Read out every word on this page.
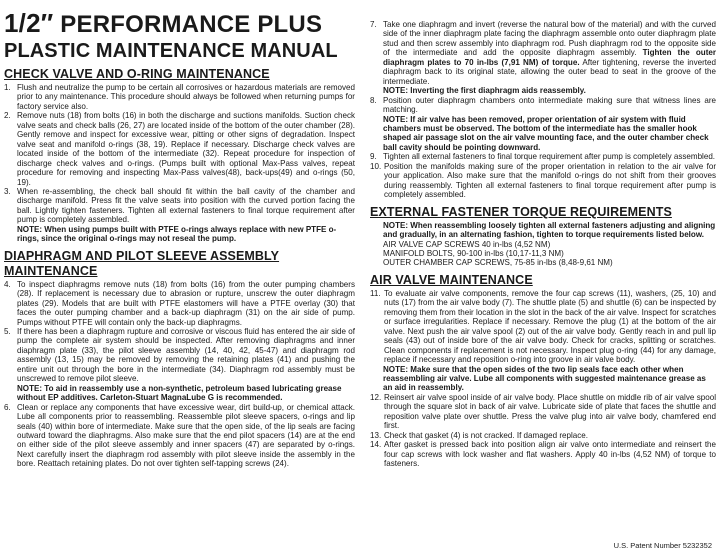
1/2″ PERFORMANCE PLUS
PLASTIC MAINTENANCE MANUAL
CHECK VALVE AND O-RING MAINTENANCE
1. Flush and neutralize the pump to be certain all corrosives or hazardous materials are removed prior to any maintenance. This procedure should always be followed when returning pumps for factory service also.
2. Remove nuts (18) from bolts (16) in both the discharge and suctions manifolds. Suction check valve seats and check balls (26, 27) are located inside of the bottom of the outer chamber (28). Gently remove and inspect for excessive wear, pitting or other signs of degradation. Inspect valve seat and manifold o-rings (38, 19). Replace if necessary. Discharge check valves are located inside of the bottom of the intermediate (32). Repeat procedure for inspection of discharge check valves and o-rings. (Pumps built with optional Max-Pass valves, repeat procedure for removing and inspecting Max-Pass valves(48), back-ups(49) and o-rings (50, 19).
3. When re-assembling, the check ball should fit within the ball cavity of the chamber and discharge manifold. Press fit the valve seats into position with the curved portion facing the ball. Lightly tighten fasteners. Tighten all external fasteners to final torque requirement after pump is completely assembled.
NOTE: When using pumps built with PTFE o-rings always replace with new PTFE o-rings, since the original o-rings may not reseal the pump.
DIAPHRAGM AND PILOT SLEEVE ASSEMBLY MAINTENANCE
4. To inspect diaphragms remove nuts (18) from bolts (16) from the outer pumping chambers (28). If replacement is necessary due to abrasion or rupture, unscrew the outer diaphragm plates (29). Models that are built with PTFE elastomers will have a PTFE overlay (30) that faces the outer pumping chamber and a back-up diaphragm (31) on the air side of pump. Pumps without PTFE will contain only the back-up diaphragms.
5. If there has been a diaphragm rupture and corrosive or viscous fluid has entered the air side of pump the complete air system should be inspected. After removing diaphragms and inner diaphragm plate (33), the pilot sleeve assembly (14, 40, 42, 45-47) and diaphragm rod assembly (13, 15) may be removed by removing the retaining plates (41) and pushing the entire unit out through the bore in the intermediate (34). Diaphragm rod assembly must be unscrewed to remove pilot sleeve.
NOTE: To aid in reassembly use a non-synthetic, petroleum based lubricating grease without EP additives. Carleton-Stuart MagnaLube G is recommended.
6. Clean or replace any components that have excessive wear, dirt build-up, or chemical attack. Lube all components prior to reassembling. Reassemble pilot sleeve spacers, o-rings and lip seals (40) within bore of intermediate. Make sure that the open side, of the lip seals are facing outward toward the diaphragms. Also make sure that the end pilot spacers (14) are at the end on either side of the pilot sleeve assembly and inner spacers (47) are separated by o-rings. Next carefully insert the diaphragm rod assembly with pilot sleeve inside the assembly in the bore. Reattach retaining plates. Do not over tighten self-tapping screws (24).
7. Take one diaphragm and invert (reverse the natural bow of the material) and with the curved side of the inner diaphragm plate facing the diaphragm assemble onto outer diaphragm plate stud and then screw assembly into diaphragm rod. Push diaphragm rod to the opposite side of the intermediate and add the opposite diaphragm assembly. Tighten the outer diaphragm plates to 70 in-lbs (7,91 NM) of torque. After tightening, reverse the inverted diaphragm back to its original state, allowing the outer bead to seat in the groove of the intermediate.
NOTE: Inverting the first diaphragm aids reassembly.
8. Position outer diaphragm chambers onto intermediate making sure that witness lines are matching.
NOTE: If air valve has been removed, proper orientation of air system with fluid chambers must be observed. The bottom of the intermediate has the smaller hook shaped air passage slot on the air valve mounting face, and the outer chamber check ball cavity should be pointing downward.
9. Tighten all external fasteners to final torque requirement after pump is completely assembled.
10. Position the manifolds making sure of the proper orientation in relation to the air valve for your application. Also make sure that the manifold o-rings do not shift from their grooves during reassembly. Tighten all external fasteners to final torque requirement after pump is completely assembled.
EXTERNAL FASTENER TORQUE REQUIREMENTS
NOTE: When reassembling loosely tighten all external fasteners adjusting and aligning and gradually, in an alternating fashion, tighten to torque requirements listed below.
AIR VALVE CAP SCREWS 40 in-lbs (4,52 NM)
MANIFOLD BOLTS, 90-100 in-lbs (10,17-11,3 NM)
OUTER CHAMBER CAP SCREWS, 75-85 in-lbs (8,48-9,61 NM)
AIR VALVE MAINTENANCE
11. To evaluate air valve components, remove the four cap screws (11), washers, (25, 10) and nuts (17) from the air valve body (7). The shuttle plate (5) and shuttle (6) can be inspected by removing them from their location in the slot in the back of the air valve. Inspect for scratches or surface irregularities. Replace if necessary. Remove the plug (1) at the bottom of the air valve. Next push the air valve spool (2) out of the air valve body. Gently reach in and pull lip seals (43) out of inside bore of the air valve body. Check for cracks, splitting or scratches. Clean components if replacement is not necessary. Inspect plug o-ring (44) for any damage, replace if necessary and reposition o-ring into groove in air valve body.
NOTE: Make sure that the open sides of the two lip seals face each other when reassembling air valve. Lube all components with suggested maintenance grease as an aid in reassembly.
12. Reinsert air valve spool inside of air valve body. Place shuttle on middle rib of air valve spool through the square slot in back of air valve. Lubricate side of plate that faces the shuttle and reposition valve plate over shuttle. Press the valve plug into air valve body, chamfered end first.
13. Check that gasket (4) is not cracked. If damaged replace.
14. After gasket is pressed back into position align air valve onto intermediate and reinsert the four cap screws with lock washer and flat washers. Apply 40 in-lbs (4,52 NM) of torque to fasteners.
U.S. Patent Number 5232352
